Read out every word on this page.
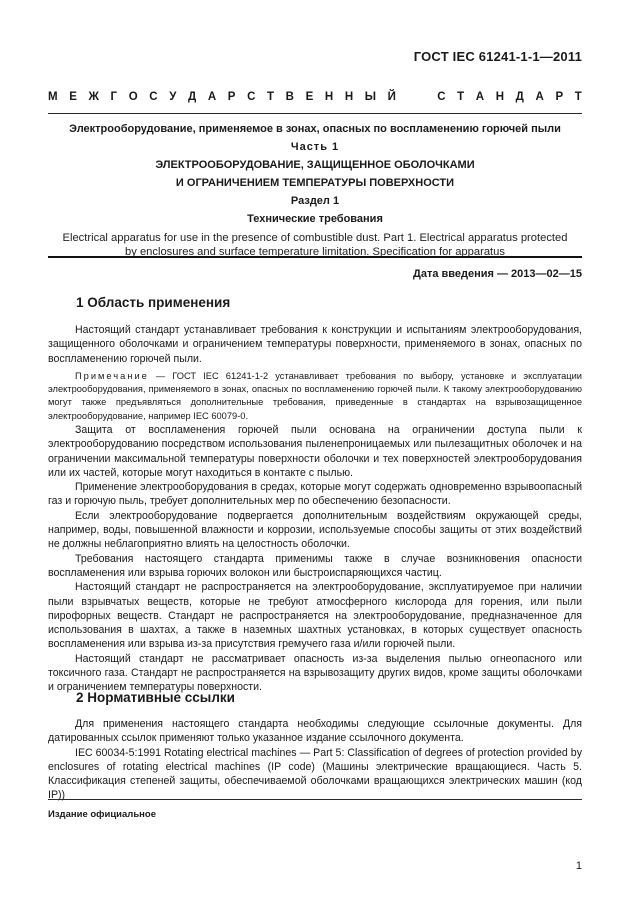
ГОСТ IEC 61241-1-1—2011
М Е Ж Г О С У Д А Р С Т В Е Н Н Ы Й

	С Т А Н Д А Р Т
Электрооборудование, применяемое в зонах, опасных по воспламенению горючей пыли
Часть 1
ЭЛЕКТРООБОРУДОВАНИЕ, ЗАЩИЩЕННОЕ ОБОЛОЧКАМИ
И ОГРАНИЧЕНИЕМ ТЕМПЕРАТУРЫ ПОВЕРХНОСТИ
Раздел 1
Технические требования
Electrical apparatus for use in the presence of combustible dust. Part 1. Electrical apparatus protected
by enclosures and surface temperature limitation. Specification for apparatus
Дата введения — 2013—02—15
1 Область применения

Настоящий стандарт устанавливает требования к конструкции и испытаниям электрооборудования, защищенного оболочками и ограничением температуры поверхности, применяемого в зонах, опасных по воспламенению горючей пыли.

Примечание — ГОСТ IEC 61241-1-2 устанавливает требования по выбору, установке и эксплуатации электрооборудования, применяемого в зонах, опасных по воспламенению горючей пыли. К такому электрооборудованию могут также предъявляться дополнительные требования, приведенные в стандартах на взрывозащищенное электрооборудование, например IEC 60079-0.

Защита от воспламенения горючей пыли основана на ограничении доступа пыли к электрооборудованию посредством использования пыленепроницаемых или пылезащитных оболочек и на ограничении максимальной температуры поверхности оболочки и тех поверхностей электрооборудования или их частей, которые могут находиться в контакте с пылью.

Применение электрооборудования в средах, которые могут содержать одновременно взрывоопасный газ и горючую пыль, требует дополнительных мер по обеспечению безопасности.

Если электрооборудование подвергается дополнительным воздействиям окружающей среды, например, воды, повышенной влажности и коррозии, используемые способы защиты от этих воздействий не должны неблагоприятно влиять на целостность оболочки.

Требования настоящего стандарта применимы также в случае возникновения опасности воспламенения или взрыва горючих волокон или быстроиспаряющихся частиц.

Настоящий стандарт не распространяется на электрооборудование, эксплуатируемое при наличии пыли взрывчатых веществ, которые не требуют атмосферного кислорода для горения, или пыли пирофорных веществ. Стандарт не распространяется на электрооборудование, предназначенное для использования в шахтах, а также в наземных шахтных установках, в которых существует опасность воспламенения или взрыва из-за присутствия гремучего газа и/или горючей пыли.

Настоящий стандарт не рассматривает опасность из-за выделения пылью огнеопасного или токсичного газа. Стандарт не распространяется на взрывозащиту других видов, кроме защиты оболочками и ограничением температуры поверхности.

2 Нормативные ссылки

Для применения настоящего стандарта необходимы следующие ссылочные документы. Для датированных ссылок применяют только указанное издание ссылочного документа.

IEC 60034-5:1991 Rotating electrical machines — Part 5: Classification of degrees of protection provided by enclosures of rotating electrical machines (IP code) (Машины электрические вращающиеся. Часть 5. Классификация степеней защиты, обеспечиваемой оболочками вращающихся электрических машин (код IP))

Издание официальное
1
